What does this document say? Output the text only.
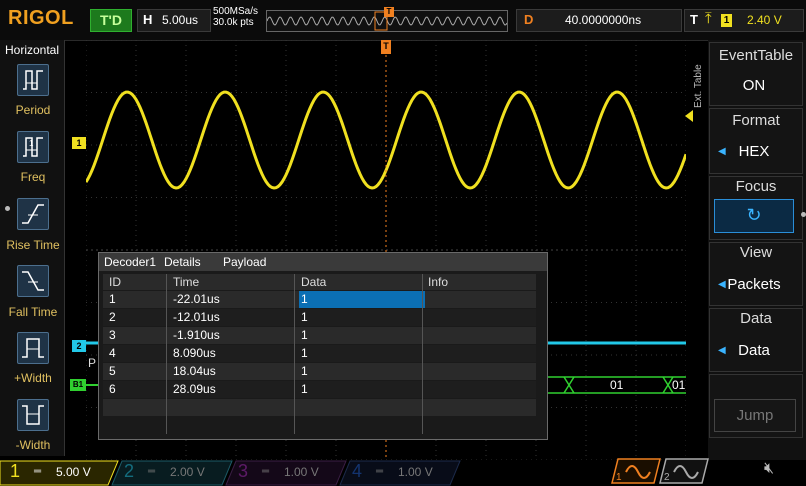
RIGOL	T'D	H 5.00us
500MSa/s
30.0k pts
T
D	40.0000000ns	T ⤒ 1 2.40 V
Horizontal
Period
1
Freq
Rise Time
Fall Time
+Width
-Width
01	01
1
2
B1
T
Decoder1 Details Payload
ID	Time	Data	Info
1	-22.01us	1
2	-12.01us	1
3	-1.910us	1
4	8.090us	1
5	18.04us	1
6	28.09us	1
P
Ext. Table
EventTable
ON
Format
◀ HEX
Focus
↻
View
◀ Packets
Data
◀ Data
Jump
1 ═ 5.00 V 2 ═ 2.00 V 3 ═ 1.00 V 4 ═ 1.00 V	1	2
🔇︎
